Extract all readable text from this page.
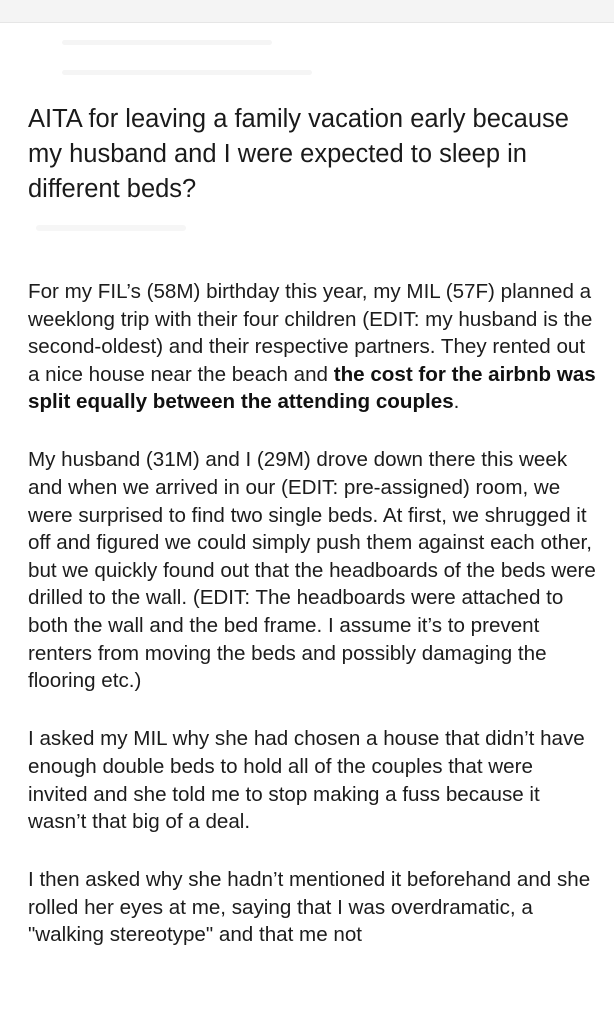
AITA for leaving a family vacation early because my husband and I were expected to sleep in different beds?

For my FIL’s (58M) birthday this year, my MIL (57F) planned a weeklong trip with their four children (EDIT: my husband is the second-oldest) and their respective partners. They rented out a nice house near the beach and the cost for the airbnb was split equally between the attending couples.

My husband (31M) and I (29M) drove down there this week and when we arrived in our (EDIT: pre-assigned) room, we were surprised to find two single beds. At first, we shrugged it off and figured we could simply push them against each other, but we quickly found out that the headboards of the beds were drilled to the wall. (EDIT: The headboards were attached to both the wall and the bed frame. I assume it’s to prevent renters from moving the beds and possibly damaging the flooring etc.)

I asked my MIL why she had chosen a house that didn’t have enough double beds to hold all of the couples that were invited and she told me to stop making a fuss because it wasn’t that big of a deal.

I then asked why she hadn’t mentioned it beforehand and she rolled her eyes at me, saying that I was overdramatic, a "walking stereotype" and that me not
